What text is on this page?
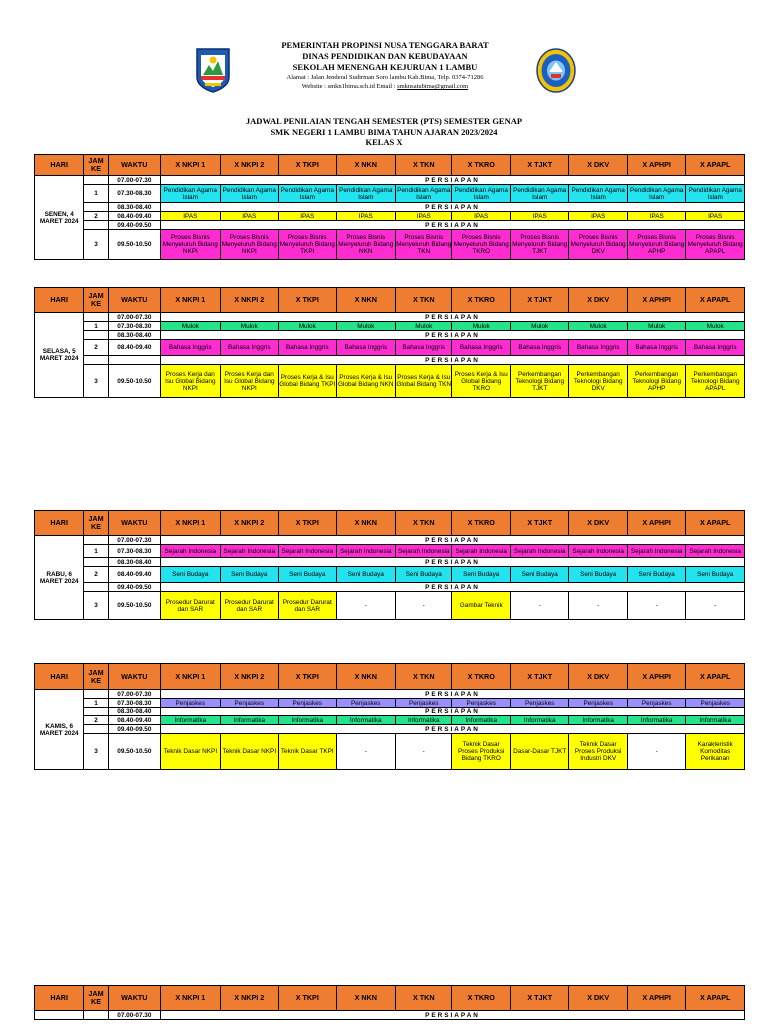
PEMERINTAH PROPINSI NUSA TENGGARA BARAT
DINAS PENDIDIKAN DAN KEBUDAYAAN
SEKOLAH MENENGAH KEJURUAN 1 LAMBU
Alamat : Jalan Jenderal Sudirman Soro lambu Kab.Bima, Telp. 0374-71286
Website : smkn1bima.sch.id Email : smknsatubima@gmail.com
JADWAL PENILAIAN TENGAH SEMESTER (PTS) SEMESTER GENAP
SMK NEGERI 1 LAMBU BIMA TAHUN AJARAN 2023/2024
KELAS X
HARI	JAM KE	WAKTU	X NKPI 1	X NKPI 2	X TKPI	X NKN	X TKN	X TKRO	X TJKT	X DKV	X APHPI	X APAPL
SENEN, 4 MARET 2024		07.00-07.30	PERSIAPAN									
	1	07.30-08.30	Pendidikan Agama Islam	Pendidikan Agama Islam	Pendidikan Agama Islam	Pendidikan Agama Islam	Pendidikan Agama Islam	Pendidikan Agama Islam	Pendidikan Agama Islam	Pendidikan Agama Islam	Pendidikan Agama Islam	Pendidikan Agama Islam
		08.30-08.40	PERSIAPAN									
	2	08.40-09.40	IPAS	IPAS	IPAS	IPAS	IPAS	IPAS	IPAS	IPAS	IPAS	IPAS
		09.40-09.50	PERSIAPAN									
	3	09.50-10.50	Proses Bisnis Menyeluruh Bidang NKPI	Proses Bisnis Menyeluruh Bidang NKPI	Proses Bisnis Menyeluruh Bidang TKPI	Proses Bisnis Menyeluruh Bidang NKN	Proses Bisnis Menyeluruh Bidang TKN	Proses Bisnis Menyeluruh Bidang TKRO	Proses Bisnis Menyeluruh Bidang TJKT	Proses Bisnis Menyeluruh Bidang DKV	Proses Bisnis Menyeluruh Bidang APHP	Proses Bisnis Menyeluruh Bidang APAPL
HARI	JAM KE	WAKTU	X NKPI 1	X NKPI 2	X TKPI	X NKN	X TKN	X TKRO	X TJKT	X DKV	X APHPI	X APAPL
SELASA, 5 MARET 2024		07.00-07.30	PERSIAPAN									
	1	07.30-08.30	Mulok	Mulok	Mulok	Mulok	Mulok	Mulok	Mulok	Mulok	Mulok	Mulok
		08.30-08.40	PERSIAPAN									
	2	08.40-09.40	Bahasa Inggris	Bahasa Inggris	Bahasa Inggris	Bahasa Inggris	Bahasa Inggris	Bahasa Inggris	Bahasa Inggris	Bahasa Inggris	Bahasa Inggris	Bahasa Inggris
			PERSIAPAN									
	3	09.50-10.50	Proses Kerja dan Isu Global Bidang NKPI	Proses Kerja dan Isu Global Bidang NKPI	Proses Kerja & Isu Global Bidang TKPI	Proses Kerja & Isu Global Bidang NKN	Proses Kerja & Isu Global Bidang TKN	Proses Kerja & Isu Global Bidang TKRO	Perkembangan Teknologi Bidang TJKT	Perkembangan Teknologi Bidang DKV	Perkembangan Teknologi Bidang APHP	Perkembangan Teknologi Bidang APAPL
HARI	JAM KE	WAKTU	X NKPI 1	X NKPI 2	X TKPI	X NKN	X TKN	X TKRO	X TJKT	X DKV	X APHPI	X APAPL
RABU, 6 MARET 2024		07.00-07.30	PERSIAPAN									
	1	07.30-08.30	Sejarah Indonesia	Sejarah Indonesia	Sejarah Indonesia	Sejarah Indonesia	Sejarah Indonesia	Sejarah Indonesia	Sejarah Indonesia	Sejarah Indonesia	Sejarah Indonesia	Sejarah Indonesia
		08.30-08.40	PERSIAPAN									
	2	08.40-09.40	Seni Budaya	Seni Budaya	Seni Budaya	Seni Budaya	Seni Budaya	Seni Budaya	Seni Budaya	Seni Budaya	Seni Budaya	Seni Budaya
		09.40-09.50	PERSIAPAN									
	3	09.50-10.50	Prosedur Darurat dan SAR	Prosedur Darurat dan SAR	Prosedur Darurat dan SAR	-	-	Gambar Teknik	-	-	-	-
HARI	JAM KE	WAKTU	X NKPI 1	X NKPI 2	X TKPI	X NKN	X TKN	X TKRO	X TJKT	X DKV	X APHPI	X APAPL
KAMIS, 6 MARET 2024		07.00-07.30	PERSIAPAN									
	1	07.30-08.30	Penjaskes	Penjaskes	Penjaskes	Penjaskes	Penjaskes	Penjaskes	Penjaskes	Penjaskes	Penjaskes	Penjaskes
		08.30-08.40	PERSIAPAN									
	2	08.40-09.40	Informatika	Informatika	Informatika	Informatika	Informatika	Informatika	Informatika	Informatika	Informatika	Informatika
		09.40-09.50	PERSIAPAN									
	3	09.50-10.50	Teknik Dasar NKPI	Teknik Dasar NKPI	Teknik Dasar TKPI	-	-	Teknik Dasar Proses Produksi Bidang TKRO	Dasar-Dasar TJKT	Teknik Dasar Proses Produksi Industri DKV	-	Karakteristik Komoditas Perikanan
HARI	JAM KE	WAKTU	X NKPI 1	X NKPI 2	X TKPI	X NKN	X TKN	X TKRO	X TJKT	X DKV	X APHPI	X APAPL
		07.00-07.30	PERSIAPAN									
